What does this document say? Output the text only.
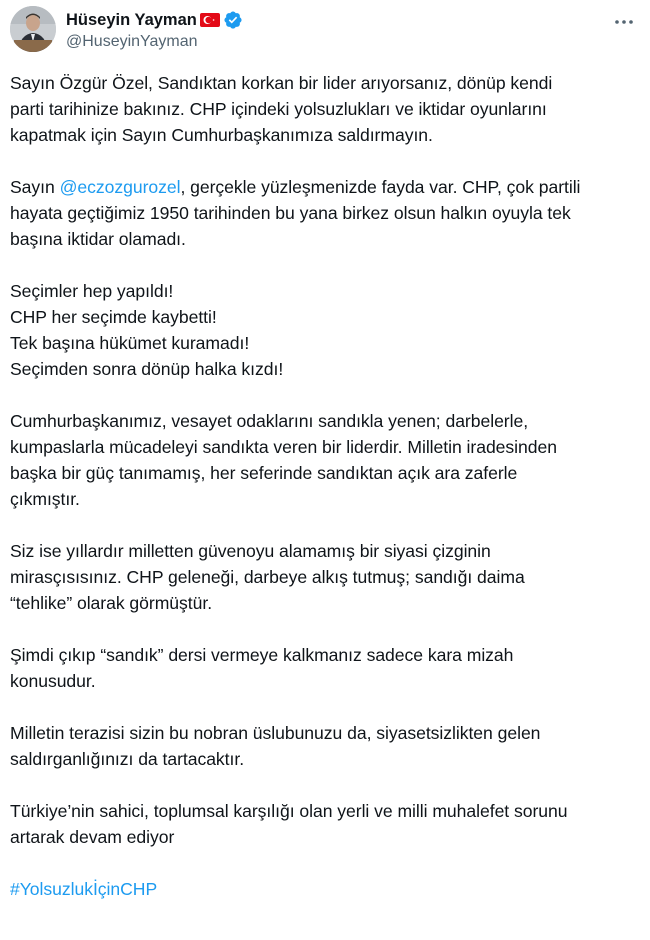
Hüseyin Yayman
@HuseyinYayman

Sayın Özgür Özel, Sandıktan korkan bir lider arıyorsanız, dönüp kendi
parti tarihinize bakınız. CHP içindeki yolsuzlukları ve iktidar oyunlarını
kapatmak için Sayın Cumhurbaşkanımıza saldırmayın.

Sayın @eczozgurozel, gerçekle yüzleşmenizde fayda var. CHP, çok partili
hayata geçtiğimiz 1950 tarihinden bu yana birkez olsun halkın oyuyla tek
başına iktidar olamadı.

Seçimler hep yapıldı!
CHP her seçimde kaybetti!
Tek başına hükümet kuramadı!
Seçimden sonra dönüp halka kızdı!

Cumhurbaşkanımız, vesayet odaklarını sandıkla yenen; darbelerle,
kumpaslarla mücadeleyi sandıkta veren bir liderdir. Milletin iradesinden
başka bir güç tanımamış, her seferinde sandıktan açık ara zaferle
çıkmıştır.

Siz ise yıllardır milletten güvenoyu alamamış bir siyasi çizginin
mirasçısısınız. CHP geleneği, darbeye alkış tutmuş; sandığı daima
“tehlike” olarak görmüştür.

Şimdi çıkıp “sandık” dersi vermeye kalkmanız sadece kara mizah
konusudur.

Milletin terazisi sizin bu nobran üslubunuzu da, siyasetsizlikten gelen
saldırganlığınızı da tartacaktır.

Türkiye’nin sahici, toplumsal karşılığı olan yerli ve milli muhalefet sorunu
artarak devam ediyor

#YolsuzlukİçinCHP
